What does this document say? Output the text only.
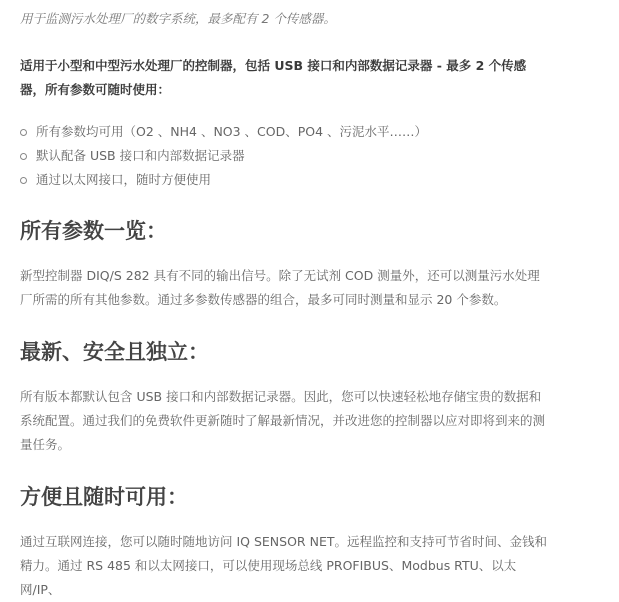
用于监测污水处理厂的数字系统，最多配有 2 个传感器。

适用于小型和中型污水处理厂的控制器，包括 USB 接口和内部数据记录器 - 最多 2 个传感器，所有参数可随时使用：

所有参数均可用（O2 、NH4 、NO3 、COD、PO4 、污泥水平……）
默认配备 USB 接口和内部数据记录器
通过以太网接口，随时方便使用
所有参数一览：

新型控制器 DIQ/S 282 具有不同的输出信号。除了无试剂 COD 测量外，还可以测量污水处理厂所需的所有其他参数。通过多参数传感器的组合，最多可同时测量和显示 20 个参数。

最新、安全且独立：

所有版本都默认包含 USB 接口和内部数据记录器。因此，您可以快速轻松地存储宝贵的数据和系统配置。通过我们的免费软件更新随时了解最新情况，并改进您的控制器以应对即将到来的测量任务。

方便且随时可用：

通过互联网连接，您可以随时随地访问 IQ SENSOR NET。远程监控和支持可节省时间、金钱和精力。通过 RS 485 和以太网接口，可以使用现场总线 PROFIBUS、Modbus RTU、以太网/IP、
